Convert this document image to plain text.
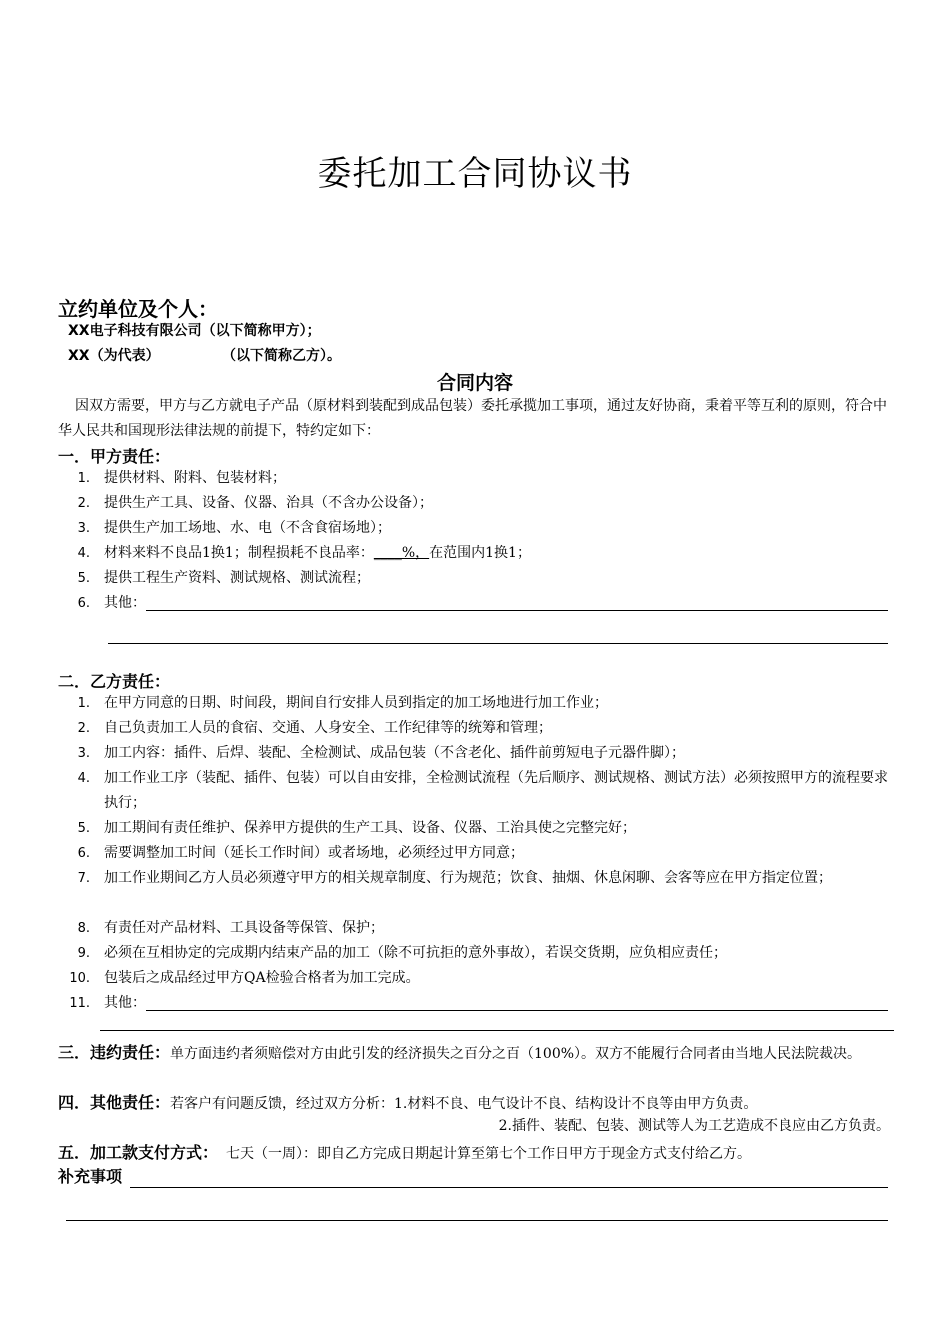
委托加工合同协议书
立约单位及个人：
XX电子科技有限公司（以下简称甲方）；
XX（为代表）	（以下简称乙方）。
合同内容
因双方需要，甲方与乙方就电子产品（原材料到装配到成品包装）委托承揽加工事项，通过友好协商，秉着平等互利的原则，符合中华人民共和国现形法律法规的前提下，特约定如下：
一．甲方责任：
1. 提供材料、附料、包装材料；
2. 提供生产工具、设备、仪器、治具（不含办公设备）；
3. 提供生产加工场地、水、电（不含食宿场地）；
4. 材料来料不良品1换1；制程损耗不良品率：____%，在范围内1换1；
5. 提供工程生产资料、测试规格、测试流程；
6. 其他：
二．乙方责任：
1. 在甲方同意的日期、时间段，期间自行安排人员到指定的加工场地进行加工作业；
2. 自己负责加工人员的食宿、交通、人身安全、工作纪律等的统筹和管理；
3. 加工内容：插件、后焊、装配、全检测试、成品包装（不含老化、插件前剪短电子元器件脚）；
4. 加工作业工序（装配、插件、包装）可以自由安排，全检测试流程（先后顺序、测试规格、测试方法）必须按照甲方的流程要求执行；
5. 加工期间有责任维护、保养甲方提供的生产工具、设备、仪器、工治具使之完整完好；
6. 需要调整加工时间（延长工作时间）或者场地，必须经过甲方同意；
7. 加工作业期间乙方人员必须遵守甲方的相关规章制度、行为规范；饮食、抽烟、休息闲聊、会客等应在甲方指定位置；
8. 有责任对产品材料、工具设备等保管、保护；
9. 必须在互相协定的完成期内结束产品的加工（除不可抗拒的意外事故），若误交货期，应负相应责任；
10. 包装后之成品经过甲方QA检验合格者为加工完成。
11. 其他：
三．违约责任：单方面违约者须赔偿对方由此引发的经济损失之百分之百（100%）。双方不能履行合同者由当地人民法院裁决。
四．其他责任：若客户有问题反馈，经过双方分析：1.材料不良、电气设计不良、结构设计不良等由甲方负责。
2.插件、装配、包装、测试等人为工艺造成不良应由乙方负责。
五．加工款支付方式： 七天（一周）：即自乙方完成日期起计算至第七个工作日甲方于现金方式支付给乙方。
补充事项
